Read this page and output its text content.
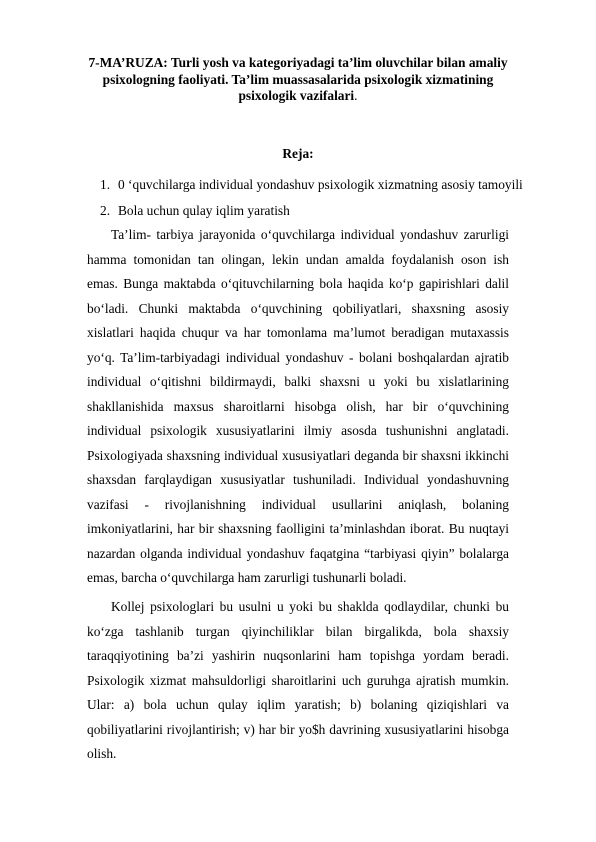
7-MA’RUZA: Turli yosh va kategoriyadagi ta’lim oluvchilar bilan amaliy
psixologning faoliyati. Ta’lim muassasalarida psixologik xizmatining
psixologik vazifalari.
Reja:
1. 0 ‘quvchilarga individual yondashuv psixologik xizmatning asosiy tamoyili
2. Bola uchun qulay iqlim yaratish

Ta’lim- tarbiya jarayonida o‘quvchilarga individual yondashuv zarurligi hamma tomonidan tan olingan, lekin undan amalda foydalanish oson ish emas. Bunga maktabda o‘qituvchilarning bola haqida ko‘p gapirishlari dalil bo‘ladi. Chunki maktabda o‘quvchining qobiliyatlari, shaxsning asosiy xislatlari haqida chuqur va har tomonlama ma’lumot beradigan mutaxassis yo‘q. Ta’lim-tarbiyadagi individual yondashuv - bolani boshqalardan ajratib individual o‘qitishni bildirmaydi, balki shaxsni u yoki bu xislatlarining shakllanishida maxsus sharoitlarni hisobga olish, har bir o‘quvchining individual psixologik xususiyatlarini ilmiy asosda tushunishni anglatadi. Psixologiyada shaxsning individual xususiyatlari deganda bir shaxsni ikkinchi shaxsdan farqlaydigan xususiyatlar tushuniladi. Individual yondashuvning vazifasi - rivojlanishning individual usullarini aniqlash, bolaning imkoniyatlarini, har bir shaxsning faolligini ta’minlashdan iborat. Bu nuqtayi nazardan olganda individual yondashuv faqatgina “tarbiyasi qiyin” bolalarga emas, barcha o‘quvchilarga ham zarurligi tushunarli boladi.

Kollej psixologlari bu usulni u yoki bu shaklda qodlaydilar, chunki bu ko‘zga tashlanib turgan qiyinchiliklar bilan birgalikda, bola shaxsiy taraqqiyotining ba’zi yashirin nuqsonlarini ham topishga yordam beradi. Psixologik xizmat mahsuldorligi sharoitlarini uch guruhga ajratish mumkin. Ular: a) bola uchun qulay iqlim yaratish; b) bolaning qiziqishlari va qobiliyatlarini rivojlantirish; v) har bir yo$h davrining xususiyatlarini hisobga olish.
